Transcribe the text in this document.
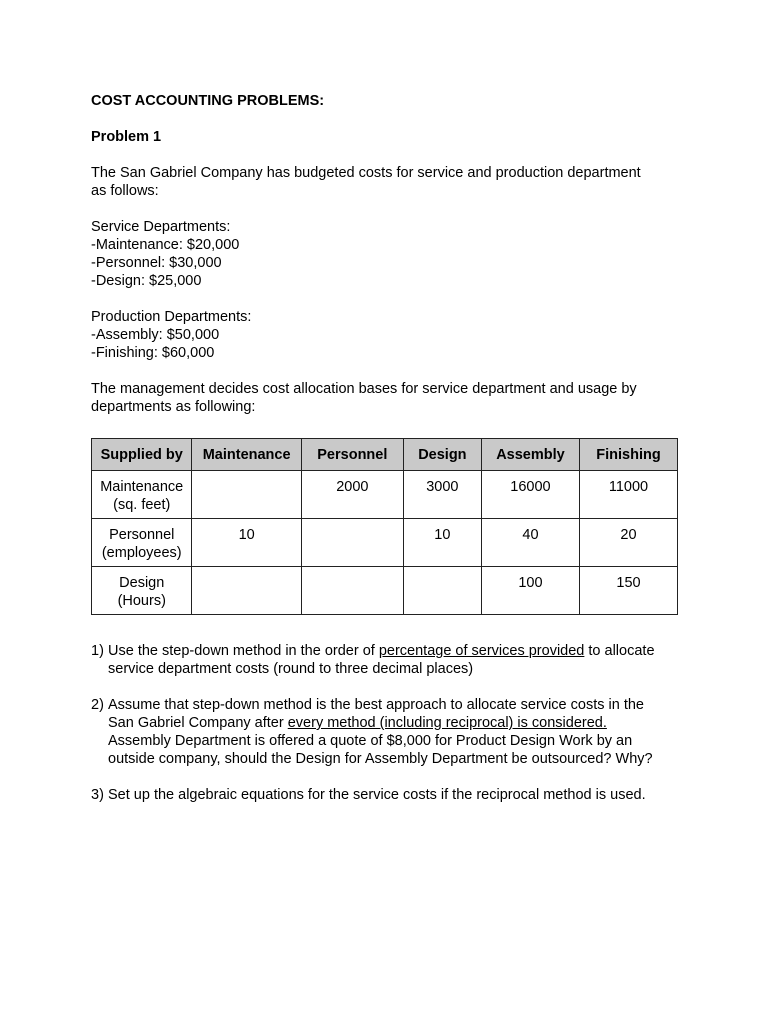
COST ACCOUNTING PROBLEMS:

Problem 1

The San Gabriel Company has budgeted costs for service and production department
as follows:

Service Departments:
-Maintenance: $20,000
-Personnel: $30,000
-Design: $25,000

Production Departments:
-Assembly: $50,000
-Finishing: $60,000

The management decides cost allocation bases for service department and usage by
departments as following:

Supplied by	Maintenance	Personnel	Design	Assembly	Finishing

Maintenance
(sq. feet)		2000	3000	16000	11000

Personnel
(employees)	10		10	40	20

Design
(Hours)				100	150
1) Use the step-down method in the order of percentage of services provided to allocate
service department costs (round to three decimal places)
2) Assume that step-down method is the best approach to allocate service costs in the
San Gabriel Company after every method (including reciprocal) is considered.
Assembly Department is offered a quote of $8,000 for Product Design Work by an
outside company, should the Design for Assembly Department be outsourced? Why?
3) Set up the algebraic equations for the service costs if the reciprocal method is used.
